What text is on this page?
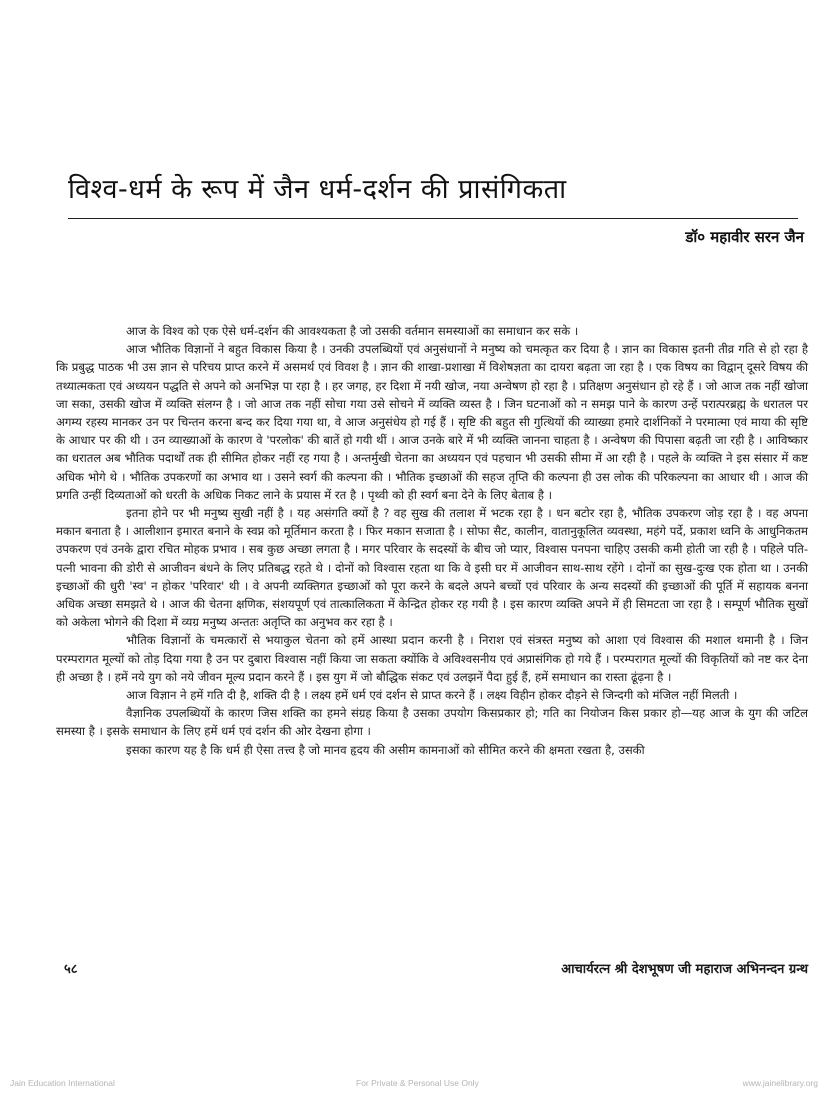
विश्व-धर्म के रूप में जैन धर्म-दर्शन की प्रासंगिकता
डॉ० महावीर सरन जैन

आज के विश्व को एक ऐसे धर्म-दर्शन की आवश्यकता है जो उसकी वर्तमान समस्याओं का समाधान कर सके ।

आज भौतिक विज्ञानों ने बहुत विकास किया है । उनकी उपलब्धियों एवं अनुसंधानों ने मनुष्य को चमत्कृत कर दिया है । ज्ञान का विकास इतनी तीव्र गति से हो रहा है कि प्रबुद्ध पाठक भी उस ज्ञान से परिचय प्राप्त करने में असमर्थ एवं विवश है । ज्ञान की शाखा-प्रशाखा में विशेषज्ञता का दायरा बढ़ता जा रहा है । एक विषय का विद्वान् दूसरे विषय की तथ्यात्मकता एवं अध्ययन पद्धति से अपने को अनभिज्ञ पा रहा है । हर जगह, हर दिशा में नयी खोज, नया अन्वेषण हो रहा है । प्रतिक्षण अनुसंधान हो रहे हैं । जो आज तक नहीं खोजा जा सका, उसकी खोज में व्यक्ति संलग्न है । जो आज तक नहीं सोचा गया उसे सोचने में व्यक्ति व्यस्त है । जिन घटनाओं को न समझ पाने के कारण उन्हें परात्परब्रह्म के धरातल पर अगम्य रहस्य मानकर उन पर चिन्तन करना बन्द कर दिया गया था, वे आज अनुसंधेय हो गई हैं । सृष्टि की बहुत सी गुत्थियों की व्याख्या हमारे दार्शनिकों ने परमात्मा एवं माया की सृष्टि के आधार पर की थी । उन व्याख्याओं के कारण वे 'परलोक' की बातें हो गयी थीं । आज उनके बारे में भी व्यक्ति जानना चाहता है । अन्वेषण की पिपासा बढ़ती जा रही है । आविष्कार का धरातल अब भौतिक पदार्थों तक ही सीमित होकर नहीं रह गया है । अन्तर्मुखी चेतना का अध्ययन एवं पहचान भी उसकी सीमा में आ रही है । पहले के व्यक्ति ने इस संसार में कष्ट अधिक भोगे थे । भौतिक उपकरणों का अभाव था । उसने स्वर्ग की कल्पना की । भौतिक इच्छाओं की सहज तृप्ति की कल्पना ही उस लोक की परिकल्पना का आधार थी । आज की प्रगति उन्हीं दिव्यताओं को धरती के अधिक निकट लाने के प्रयास में रत है । पृथ्वी को ही स्वर्ग बना देने के लिए बेताब है ।

इतना होने पर भी मनुष्य सुखी नहीं है । यह असंगति क्यों है ? वह सुख की तलाश में भटक रहा है । धन बटोर रहा है, भौतिक उपकरण जोड़ रहा है । वह अपना मकान बनाता है । आलीशान इमारत बनाने के स्वप्न को मूर्तिमान करता है । फिर मकान सजाता है । सोफा सैट, कालीन, वातानुकूलित व्यवस्था, महंगे पर्दे, प्रकाश ध्वनि के आधुनिकतम उपकरण एवं उनके द्वारा रचित मोहक प्रभाव । सब कुछ अच्छा लगता है । मगर परिवार के सदस्यों के बीच जो प्यार, विश्वास पनपना चाहिए उसकी कमी होती जा रही है । पहिले पति-पत्नी भावना की डोरी से आजीवन बंधने के लिए प्रतिबद्ध रहते थे । दोनों को विश्वास रहता था कि वे इसी घर में आजीवन साथ-साथ रहेंगे । दोनों का सुख-दुःख एक होता था । उनकी इच्छाओं की धुरी 'स्व' न होकर 'परिवार' थी । वे अपनी व्यक्तिगत इच्छाओं को पूरा करने के बदले अपने बच्चों एवं परिवार के अन्य सदस्यों की इच्छाओं की पूर्ति में सहायक बनना अधिक अच्छा समझते थे । आज की चेतना क्षणिक, संशयपूर्ण एवं तात्कालिकता में केन्द्रित होकर रह गयी है । इस कारण व्यक्ति अपने में ही सिमटता जा रहा है । सम्पूर्ण भौतिक सुखों को अकेला भोगने की दिशा में व्यग्र मनुष्य अन्ततः अतृप्ति का अनुभव कर रहा है ।

भौतिक विज्ञानों के चमत्कारों से भयाकुल चेतना को हमें आस्था प्रदान करनी है । निराश एवं संत्रस्त मनुष्य को आशा एवं विश्वास की मशाल थमानी है । जिन परम्परागत मूल्यों को तोड़ दिया गया है उन पर दुबारा विश्वास नहीं किया जा सकता क्योंकि वे अविश्वसनीय एवं अप्रासंगिक हो गये हैं । परम्परागत मूल्यों की विकृतियों को नष्ट कर देना ही अच्छा है । हमें नये युग को नये जीवन मूल्य प्रदान करने हैं । इस युग में जो बौद्धिक संकट एवं उलझनें पैदा हुई हैं, हमें समाधान का रास्ता ढूंढ़ना है ।

आज विज्ञान ने हमें गति दी है, शक्ति दी है । लक्ष्य हमें धर्म एवं दर्शन से प्राप्त करने हैं । लक्ष्य विहीन होकर दौड़ने से जिन्दगी को मंजिल नहीं मिलती ।

वैज्ञानिक उपलब्धियों के कारण जिस शक्ति का हमने संग्रह किया है उसका उपयोग किसप्रकार हो; गति का नियोजन किस प्रकार हो—यह आज के युग की जटिल समस्या है । इसके समाधान के लिए हमें धर्म एवं दर्शन की ओर देखना होगा ।

इसका कारण यह है कि धर्म ही ऐसा तत्त्व है जो मानव हृदय की असीम कामनाओं को सीमित करने की क्षमता रखता है, उसकी

५८	आचार्यरत्न श्री देशभूषण जी महाराज अभिनन्दन ग्रन्थ
Jain Education International	For Private & Personal Use Only	www.jainelibrary.org
